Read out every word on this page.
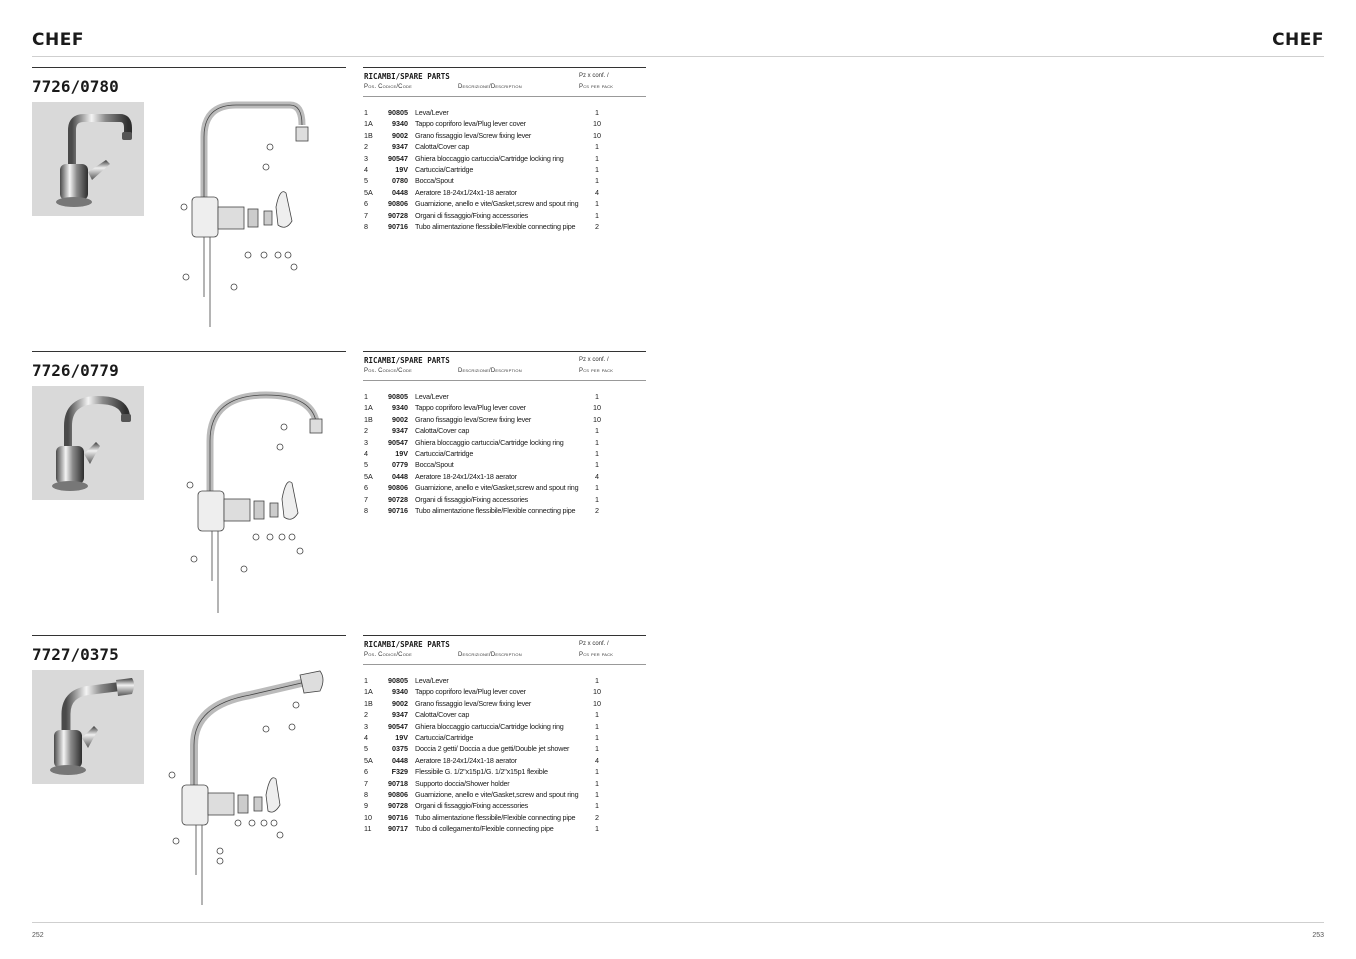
CHEF	CHEF
7726/0780
RICAMBI/SPARE PARTS
Pos. Codice/Code	Descrizione/Description
Pz x conf. /
Pcs per pack
1	90805 Leva/Lever	1
1A	9340 Tappo copriforo leva/Plug lever cover	10
1B	9002 Grano fissaggio leva/Screw fixing lever	10
2	9347 Calotta/Cover cap	1
3	90547 Ghiera bloccaggio cartuccia/Cartridge locking ring	1
4	19V Cartuccia/Cartridge	1
5	0780 Bocca/Spout	1
5A	0448 Aeratore 18-24x1/24x1-18 aerator	4
6	90806 Guarnizione, anello e vite/Gasket,screw and spout ring	1
7	90728 Organi di fissaggio/Fixing accessories	1
8	90716 Tubo alimentazione flessibile/Flexible connecting pipe	2
7726/0779
RICAMBI/SPARE PARTS
Pos. Codice/Code	Descrizione/Description
Pz x conf. /
Pcs per pack
1	90805 Leva/Lever	1
1A	9340 Tappo copriforo leva/Plug lever cover	10
1B	9002 Grano fissaggio leva/Screw fixing lever	10
2	9347 Calotta/Cover cap	1
3	90547 Ghiera bloccaggio cartuccia/Cartridge locking ring	1
4	19V Cartuccia/Cartridge	1
5	0779 Bocca/Spout	1
5A	0448 Aeratore 18-24x1/24x1-18 aerator	4
6	90806 Guarnizione, anello e vite/Gasket,screw and spout ring	1
7	90728 Organi di fissaggio/Fixing accessories	1
8	90716 Tubo alimentazione flessibile/Flexible connecting pipe	2
7727/0375
RICAMBI/SPARE PARTS
Pos. Codice/Code	Descrizione/Description
Pz x conf. /
Pcs per pack
1	90805 Leva/Lever	1
1A	9340 Tappo copriforo leva/Plug lever cover	10
1B	9002 Grano fissaggio leva/Screw fixing lever	10
2	9347 Calotta/Cover cap	1
3	90547 Ghiera bloccaggio cartuccia/Cartridge locking ring	1
4	19V Cartuccia/Cartridge	1
5	0375 Doccia 2 getti/ Doccia a due getti/Double jet shower	1
5A	0448 Aeratore 18-24x1/24x1-18 aerator	4
6	F329 Flessibile G. 1/2"x15p1/G. 1/2"x15p1 flexible	1
7	90718 Supporto doccia/Shower holder	1
8	90806 Guarnizione, anello e vite/Gasket,screw and spout ring	1
9	90728 Organi di fissaggio/Fixing accessories	1
10	90716 Tubo alimentazione flessibile/Flexible connecting pipe	2
11	90717 Tubo di collegamento/Flexible connecting pipe	1
252	253
